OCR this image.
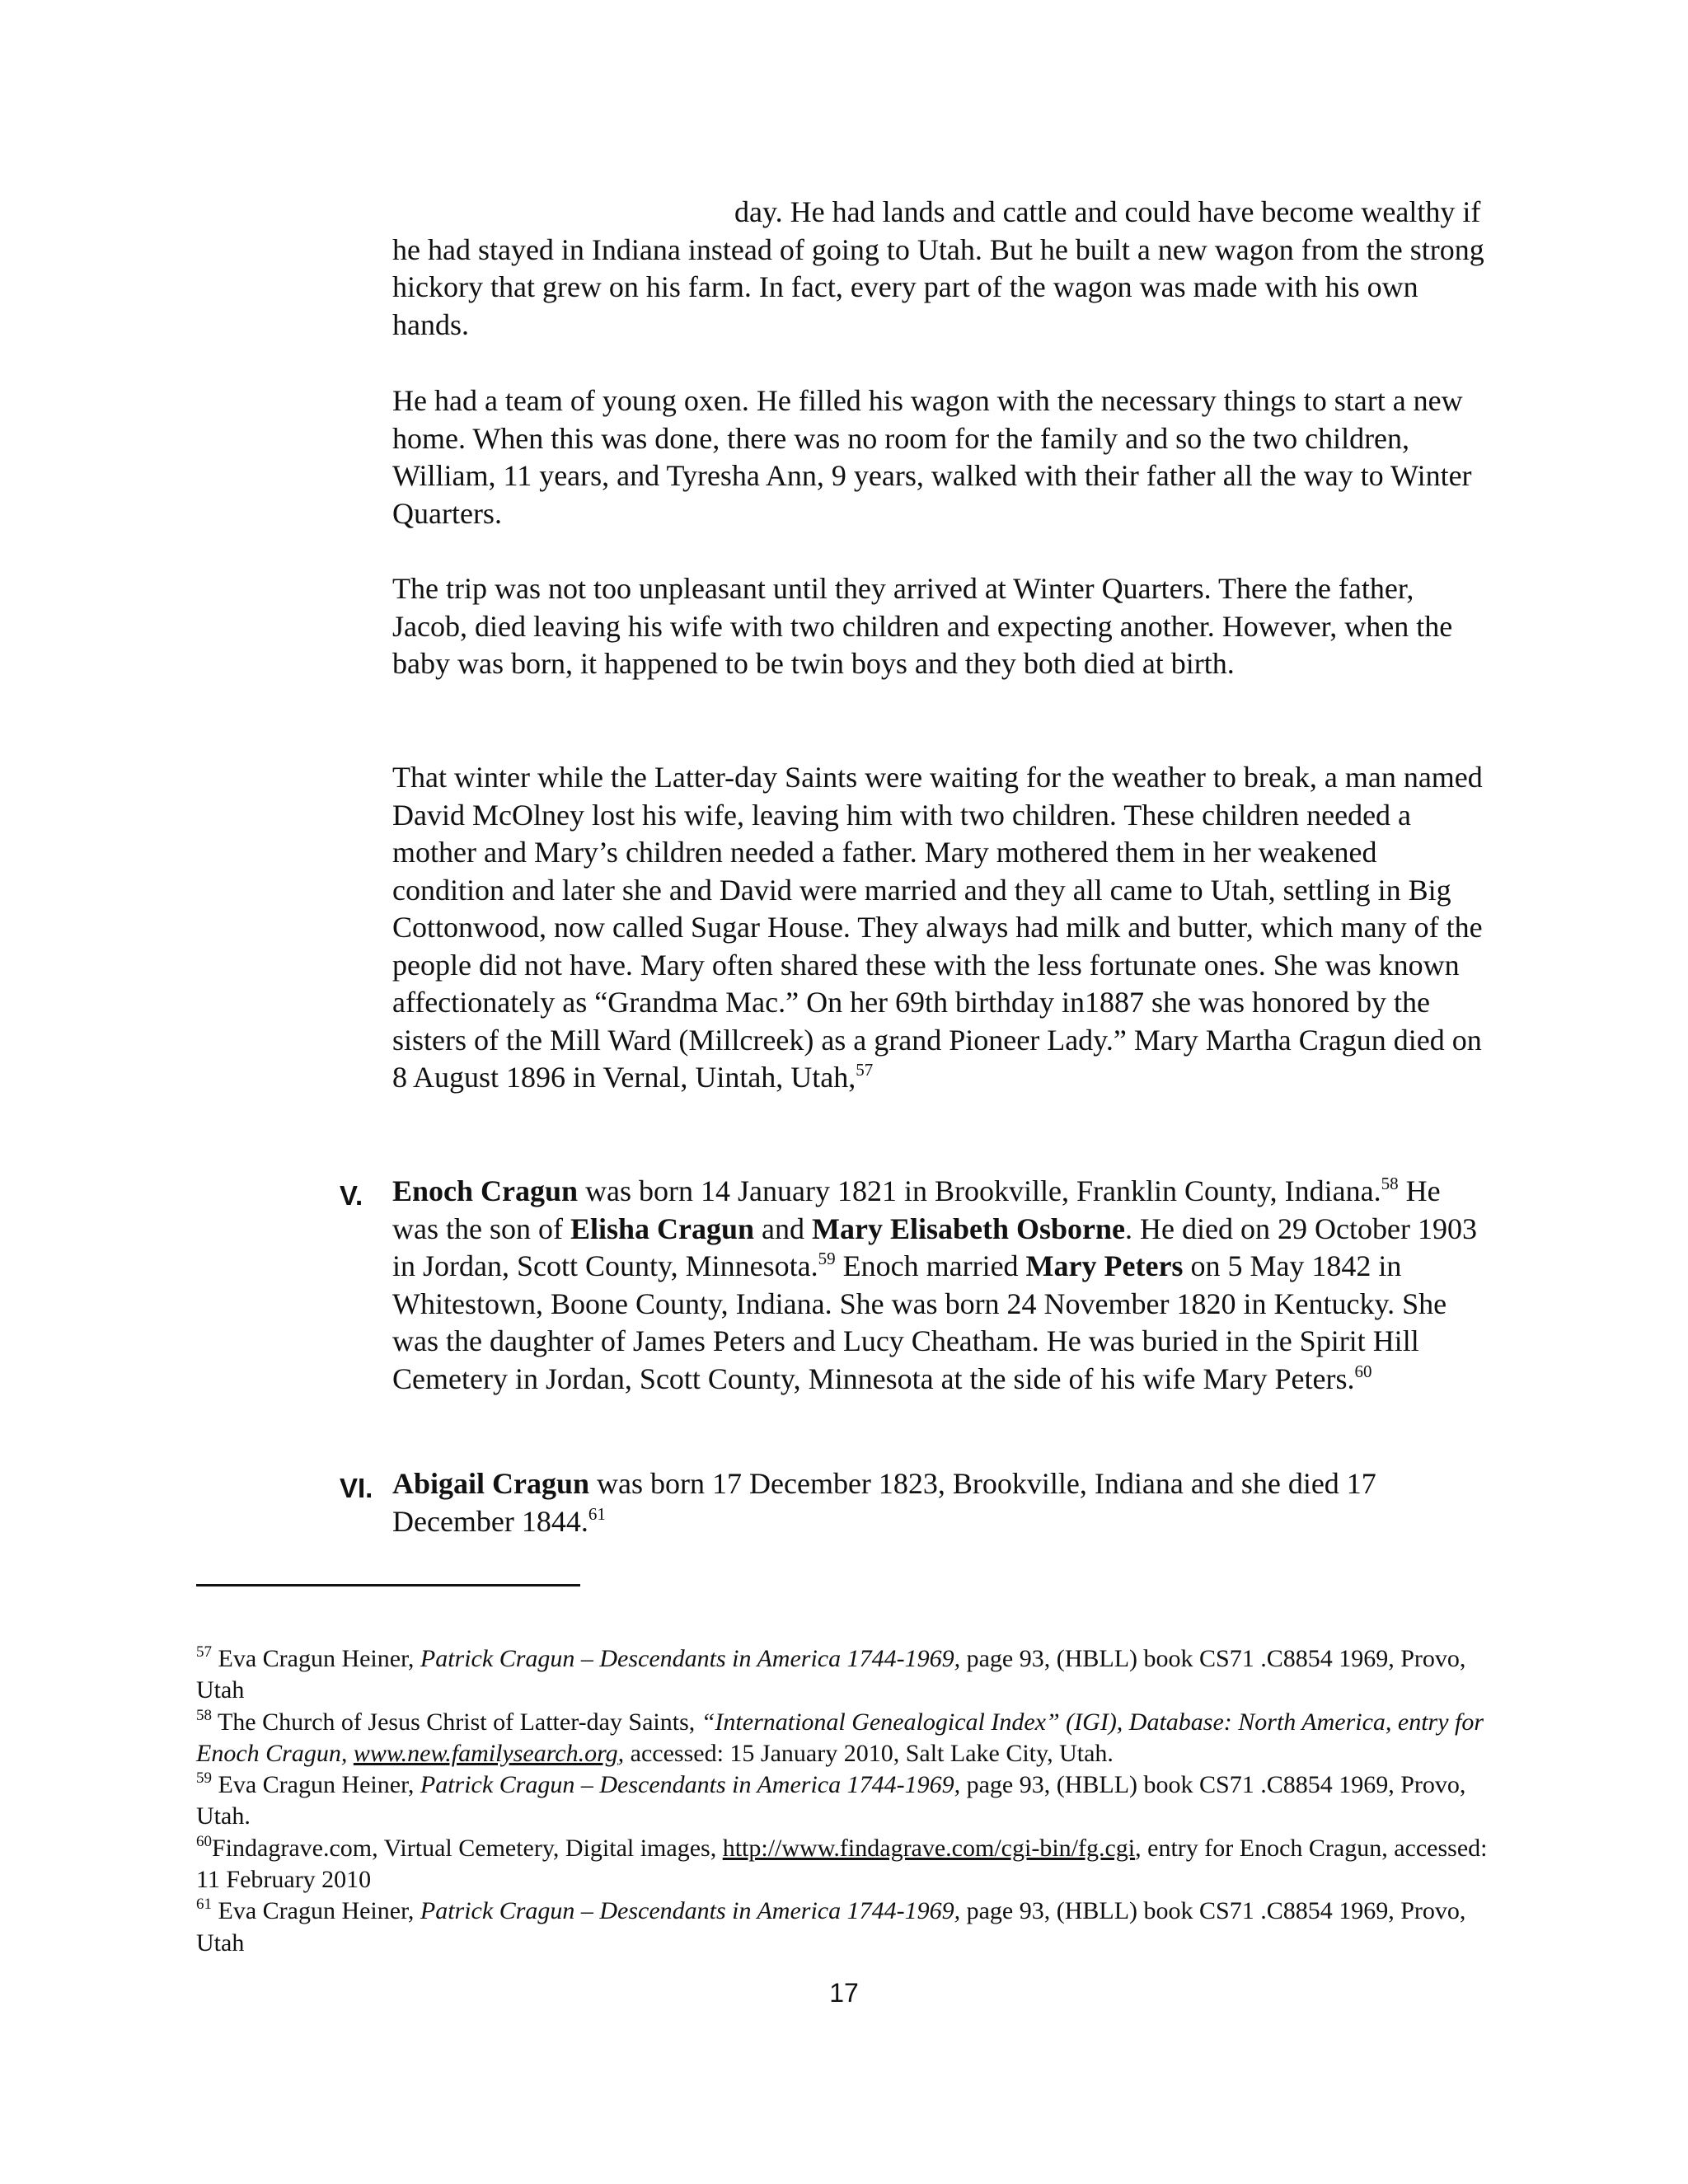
day. He had lands and cattle and could have become wealthy if he had stayed in Indiana instead of going to Utah. But he built a new wagon from the strong hickory that grew on his farm. In fact, every part of the wagon was made with his own hands.

He had a team of young oxen. He filled his wagon with the necessary things to start a new home. When this was done, there was no room for the family and so the two children, William, 11 years, and Tyresha Ann, 9 years, walked with their father all the way to Winter Quarters.

The trip was not too unpleasant until they arrived at Winter Quarters. There the father, Jacob, died leaving his wife with two children and expecting another. However, when the baby was born, it happened to be twin boys and they both died at birth.

That winter while the Latter-day Saints were waiting for the weather to break, a man named David McOlney lost his wife, leaving him with two children. These children needed a mother and Mary’s children needed a father. Mary mothered them in her weakened condition and later she and David were married and they all came to Utah, settling in Big Cottonwood, now called Sugar House. They always had milk and butter, which many of the people did not have. Mary often shared these with the less fortunate ones. She was known affectionately as “Grandma Mac.” On her 69th birthday in1887 she was honored by the sisters of the Mill Ward (Millcreek) as a grand Pioneer Lady.” Mary Martha Cragun died on 8 August 1896 in Vernal, Uintah, Utah,$^{57}$

V. Enoch Cragun was born 14 January 1821 in Brookville, Franklin County, Indiana.$^{58}$ He was the son of Elisha Cragun and Mary Elisabeth Osborne. He died on 29 October 1903 in Jordan, Scott County, Minnesota.$^{59}$ Enoch married Mary Peters on 5 May 1842 in Whitestown, Boone County, Indiana. She was born 24 November 1820 in Kentucky. She was the daughter of James Peters and Lucy Cheatham. He was buried in the Spirit Hill Cemetery in Jordan, Scott County, Minnesota at the side of his wife Mary Peters.$^{60}$

VI. Abigail Cragun was born 17 December 1823, Brookville, Indiana and she died 17 December 1844.61

$^{57}$ Eva Cragun Heiner, Patrick Cragun – Descendants in America 1744-1969, page 93, (HBLL) book CS71 .C8854 1969, Provo, Utah

$^{58}$ The Church of Jesus Christ of Latter-day Saints, “International Genealogical Index” (IGI), Database: North America, entry for Enoch Cragun, www.new.familysearch.org, accessed: 15 January 2010, Salt Lake City, Utah.

$^{59}$ Eva Cragun Heiner, Patrick Cragun – Descendants in America 1744-1969, page 93, (HBLL) book CS71 .C8854 1969, Provo, Utah.

$^{60}$Findagrave.com, Virtual Cemetery, Digital images, http://www.findagrave.com/cgi-bin/fg.cgi, entry for Enoch Cragun, accessed: 11 February 2010

$^{61}$ Eva Cragun Heiner, Patrick Cragun – Descendants in America 1744-1969, page 93, (HBLL) book CS71 .C8854 1969, Provo, Utah

17
